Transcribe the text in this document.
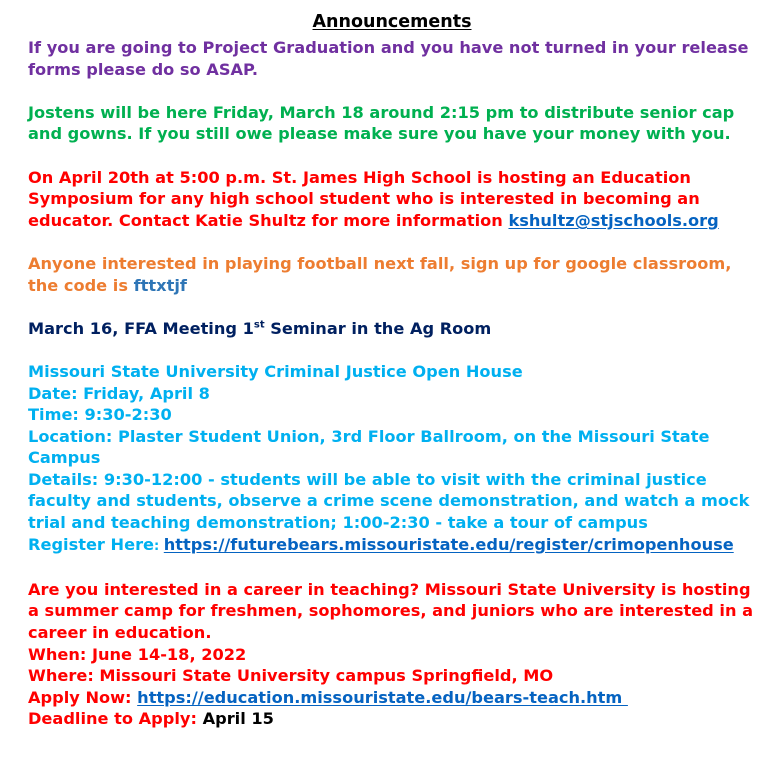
Announcements
If you are going to Project Graduation and you have not turned in your release
forms please do so ASAP.
Jostens will be here Friday, March 18 around 2:15 pm to distribute senior cap
and gowns. If you still owe please make sure you have your money with you.
On April 20th at 5:00 p.m. St. James High School is hosting an Education
Symposium for any high school student who is interested in becoming an
educator. Contact Katie Shultz for more information kshultz@stjschools.org
Anyone interested in playing football next fall, sign up for google classroom,
the code is fttxtjf
March 16, FFA Meeting 1st Seminar in the Ag Room
Missouri State University Criminal Justice Open House
Date: Friday, April 8
Time: 9:30-2:30
Location: Plaster Student Union, 3rd Floor Ballroom, on the Missouri State
Campus
Details: 9:30-12:00 - students will be able to visit with the criminal justice
faculty and students, observe a crime scene demonstration, and watch a mock
trial and teaching demonstration; 1:00-2:30 - take a tour of campus
Register Here: https://futurebears.missouristate.edu/register/crimopenhouse
Are you interested in a career in teaching? Missouri State University is hosting
a summer camp for freshmen, sophomores, and juniors who are interested in a
career in education.
When: June 14-18, 2022
Where: Missouri State University campus Springfield, MO
Apply Now: https://education.missouristate.edu/bears-teach.htm
Deadline to Apply: April 15
